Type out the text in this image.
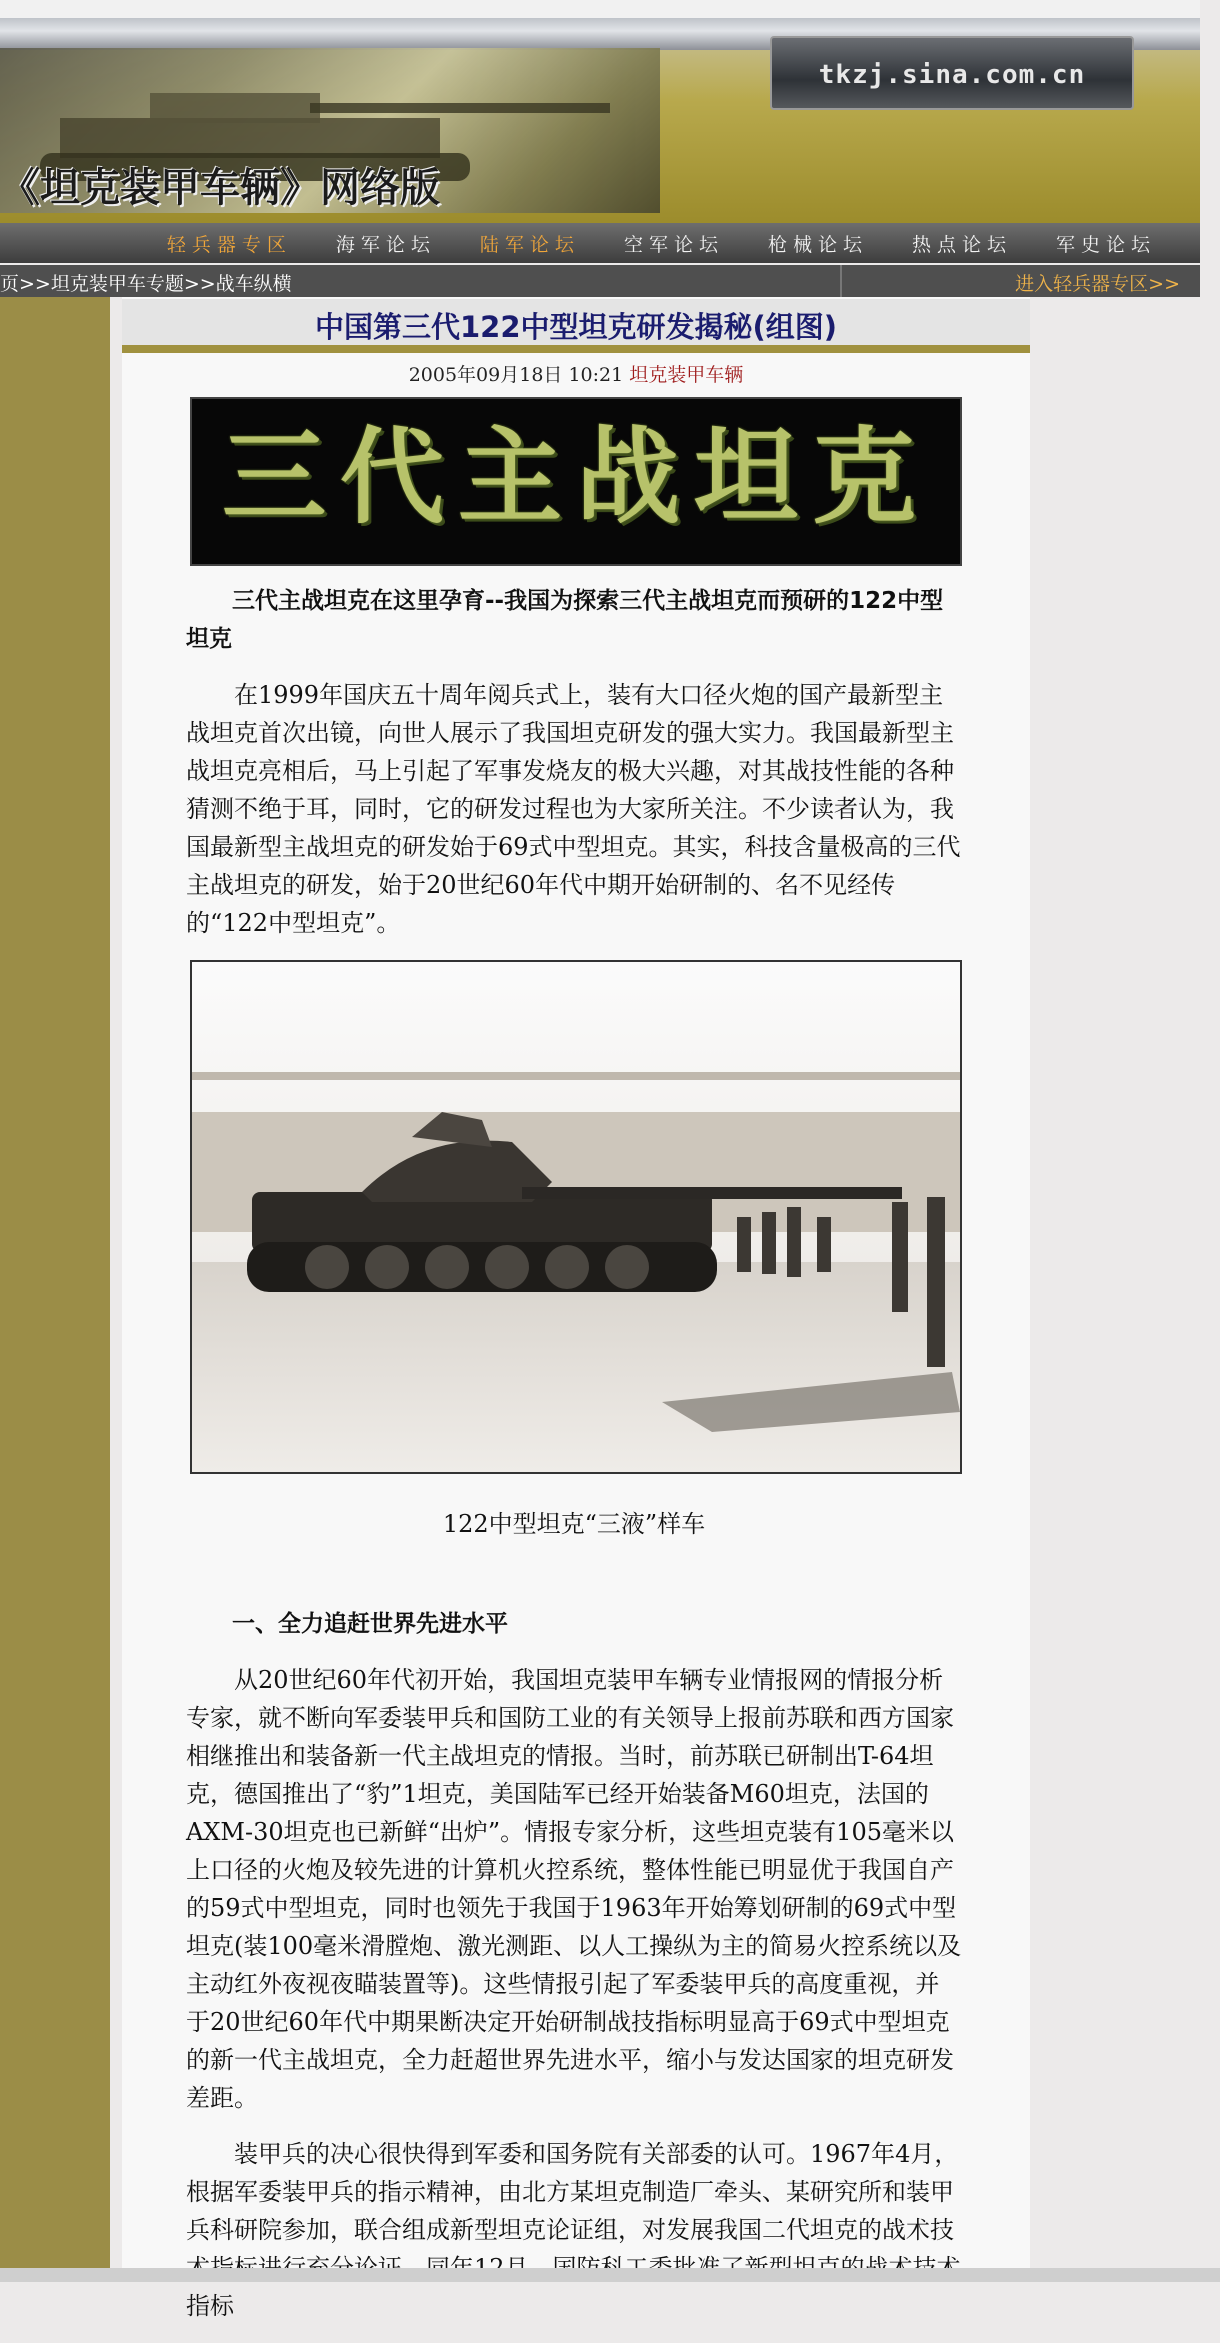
tkzj.sina.com.cn
《坦克装甲车辆》网络版
轻兵器专区 海军论坛 陆军论坛 空军论坛 枪械论坛 热点论坛 军史论坛
页>>坦克装甲车专题>>战车纵横	进入轻兵器专区>>
中国第三代122中型坦克研发揭秘(组图)
2005年09月18日 10:21 坦克装甲车辆
三代主战坦克

三代主战坦克在这里孕育--我国为探索三代主战坦克而预研的122中型坦克

在1999年国庆五十周年阅兵式上，装有大口径火炮的国产最新型主战坦克首次出镜，向世人展示了我国坦克研发的强大实力。我国最新型主战坦克亮相后，马上引起了军事发烧友的极大兴趣，对其战技性能的各种猜测不绝于耳，同时，它的研发过程也为大家所关注。不少读者认为，我国最新型主战坦克的研发始于69式中型坦克。其实，科技含量极高的三代主战坦克的研发，始于20世纪60年代中期开始研制的、名不见经传的“122中型坦克”。

122中型坦克“三液”样车
一、全力追赶世界先进水平

从20世纪60年代初开始，我国坦克装甲车辆专业情报网的情报分析专家，就不断向军委装甲兵和国防工业的有关领导上报前苏联和西方国家相继推出和装备新一代主战坦克的情报。当时，前苏联已研制出T-64坦克，德国推出了“豹”1坦克，美国陆军已经开始装备M60坦克，法国的AXM-30坦克也已新鲜“出炉”。情报专家分析，这些坦克装有105毫米以上口径的火炮及较先进的计算机火控系统，整体性能已明显优于我国自产的59式中型坦克，同时也领先于我国于1963年开始筹划研制的69式中型坦克(装100毫米滑膛炮、激光测距、以人工操纵为主的简易火控系统以及主动红外夜视夜瞄装置等)。这些情报引起了军委装甲兵的高度重视，并于20世纪60年代中期果断决定开始研制战技指标明显高于69式中型坦克的新一代主战坦克，全力赶超世界先进水平，缩小与发达国家的坦克研发差距。

装甲兵的决心很快得到军委和国务院有关部委的认可。1967年4月，根据军委装甲兵的指示精神，由北方某坦克制造厂牵头、某研究所和装甲兵科研院参加，联合组成新型坦克论证组，对发展我国二代坦克的战术技 指标
